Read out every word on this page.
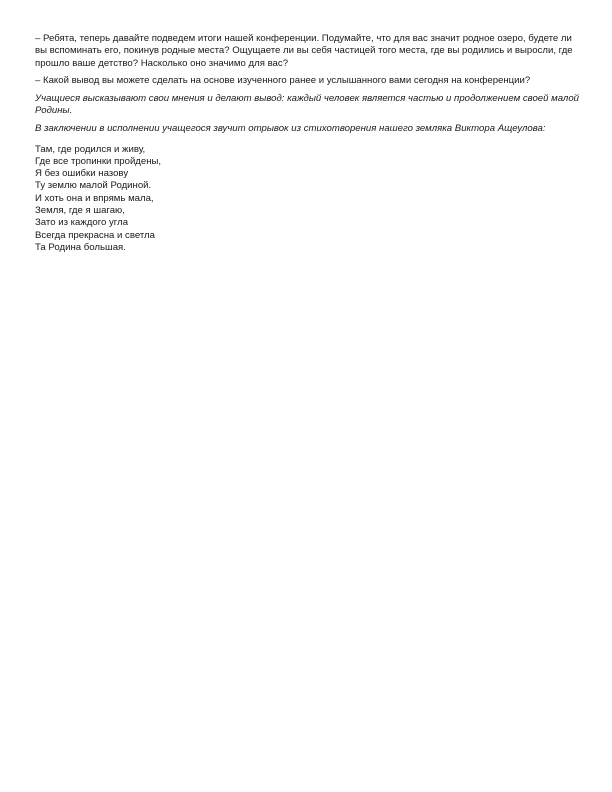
– Ребята, теперь давайте подведем итоги нашей конференции. Подумайте, что для вас значит родное озеро, будете ли вы вспоминать его, покинув родные места? Ощущаете ли вы себя частицей того места, где вы родились и выросли, где прошло ваше детство? Насколько оно значимо для вас?

– Какой вывод вы можете сделать на основе изученного ранее и услышанного вами сегодня на конференции?

Учащиеся высказывают свои мнения и делают вывод: каждый человек является частью и продолжением своей малой Родины.

В заключении в исполнении учащегося звучит отрывок из стихотворения нашего земляка Виктора Ащеулова:

Там, где родился и живу,
Где все тропинки пройдены,
Я без ошибки назову
Ту землю малой Родиной.
И хоть она и впрямь мала,
Земля, где я шагаю,
Зато из каждого угла
Всегда прекрасна и светла
Та Родина большая.
